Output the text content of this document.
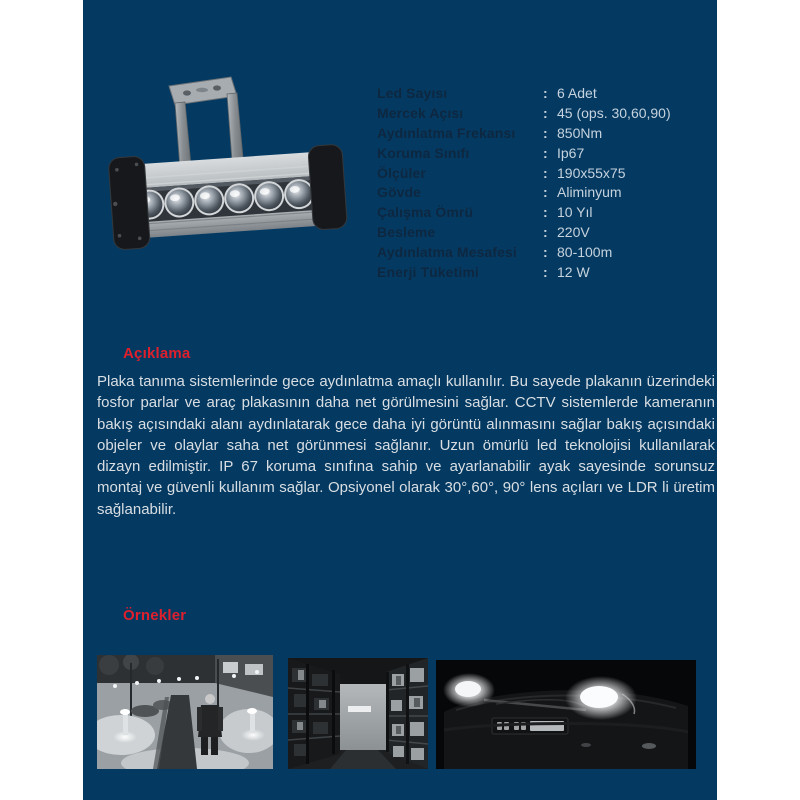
Led Sayısı	: 6 Adet
Mercek Açısı	: 45 (ops. 30,60,90)
Aydınlatma Frekansı	: 850Nm
Koruma Sınıfı	: Ip67
Ölçüler	: 190x55x75
Gövde	: Aliminyum
Çalışma Ömrü	: 10 Yıl
Besleme	: 220V
Aydınlatma Mesafesi	: 80-100m
Enerji Tüketimi	: 12 W
Açıklama

Plaka tanıma sistemlerinde gece aydınlatma amaçlı kullanılır. Bu sayede plakanın üzerindeki fosfor parlar ve araç plakasının daha net görülmesini sağlar. CCTV sistemlerde kameranın bakış açısındaki alanı aydınlatarak gece daha iyi görüntü alınmasını sağlar bakış açısındaki objeler ve olaylar saha net görünmesi sağlanır. Uzun ömürlü led teknolojisi kullanılarak dizayn edilmiştir. IP 67 koruma sınıfına sahip ve ayarlanabilir ayak sayesinde sorunsuz montaj ve güvenli kullanım sağlar. Opsiyonel olarak 30°,60°, 90° lens açıları ve LDR li üretim sağlanabilir.

Örnekler
